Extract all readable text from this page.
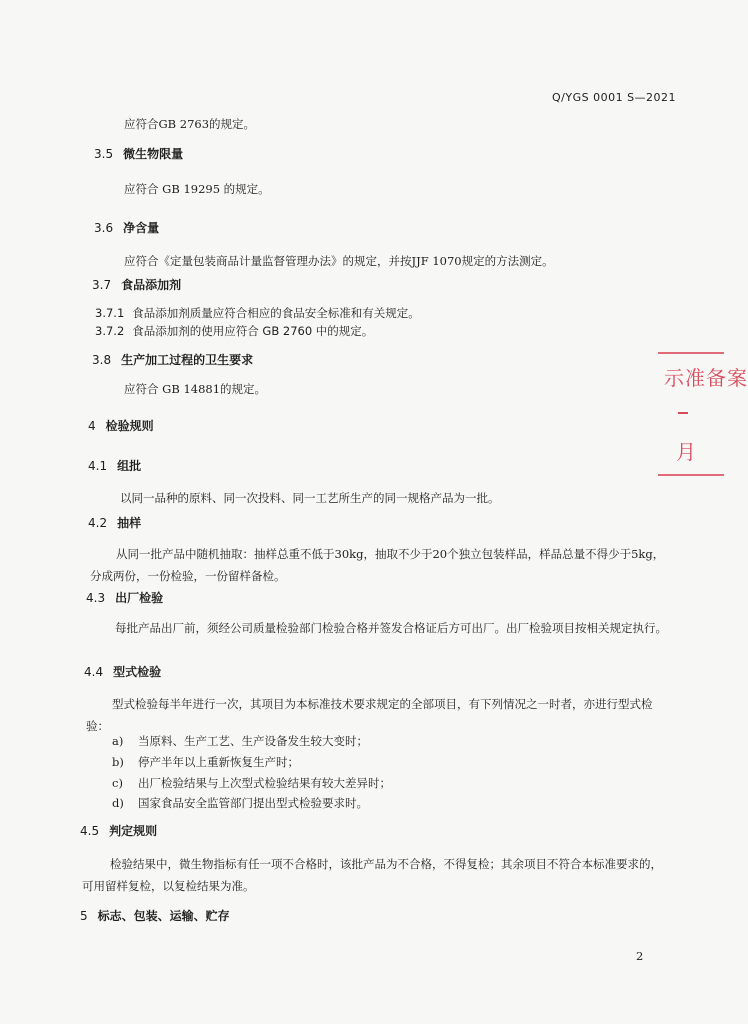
Q/YGS 0001 S—2021
应符合GB 2763的规定。
3.5 微生物限量
应符合 GB 19295 的规定。
3.6 净含量
应符合《定量包装商品计量监督管理办法》的规定，并按JJF 1070规定的方法测定。
3.7 食品添加剂
3.7.1 食品添加剂质量应符合相应的食品安全标准和有关规定。
3.7.2 食品添加剂的使用应符合 GB 2760 中的规定。
3.8 生产加工过程的卫生要求
应符合 GB 14881的规定。
4 检验规则
4.1 组批
以同一品种的原料、同一次投料、同一工艺所生产的同一规格产品为一批。
4.2 抽样
从同一批产品中随机抽取：抽样总重不低于30kg，抽取不少于20个独立包装样品，样品总量不得少于5kg，分成两份，一份检验，一份留样备检。
4.3 出厂检验
每批产品出厂前，须经公司质量检验部门检验合格并签发合格证后方可出厂。出厂检验项目按相关规定执行。
4.4 型式检验
型式检验每半年进行一次，其项目为本标准技术要求规定的全部项目，有下列情况之一时者，亦进行型式检验：
a) 当原料、生产工艺、生产设备发生较大变时；
b) 停产半年以上重新恢复生产时；
c) 出厂检验结果与上次型式检验结果有较大差异时；
d) 国家食品安全监管部门提出型式检验要求时。
4.5 判定规则
检验结果中，微生物指标有任一项不合格时，该批产品为不合格，不得复检；其余项目不符合本标准要求的，可用留样复检，以复检结果为准。
5 标志、包装、运输、贮存
2
示准备案
月
